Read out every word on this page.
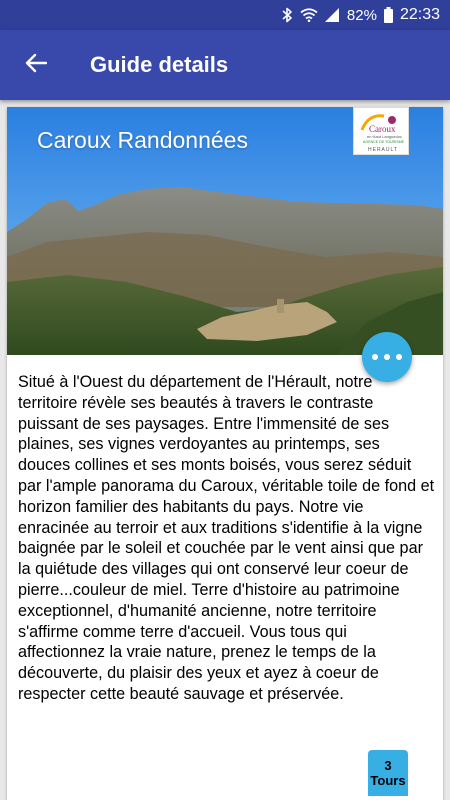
82% 22:33
Guide details
Caroux Randonnées	Caroux
en Haut Languedoc
AGENCE DE TOURISME
HERAULT
Situé à l'Ouest du département de l'Hérault, notre territoire révèle ses beautés à travers le contraste puissant de ses paysages. Entre l'immensité de ses plaines, ses vignes verdoyantes au printemps, ses douces collines et ses monts boisés, vous serez séduit par l'ample panorama du Caroux, véritable toile de fond et horizon familier des habitants du pays. Notre vie enracinée au terroir et aux traditions s'identifie à la vigne baignée par le soleil et couchée par le vent ainsi que par la quiétude des villages qui ont conservé leur coeur de pierre...couleur de miel. Terre d'histoire au patrimoine exceptionnel, d'humanité ancienne, notre territoire s'affirme comme terre d'accueil. Vous tous qui affectionnez la vraie nature, prenez le temps de la découverte, du plaisir des yeux et ayez à coeur de respecter cette beauté sauvage et préservée.
3
Tours
